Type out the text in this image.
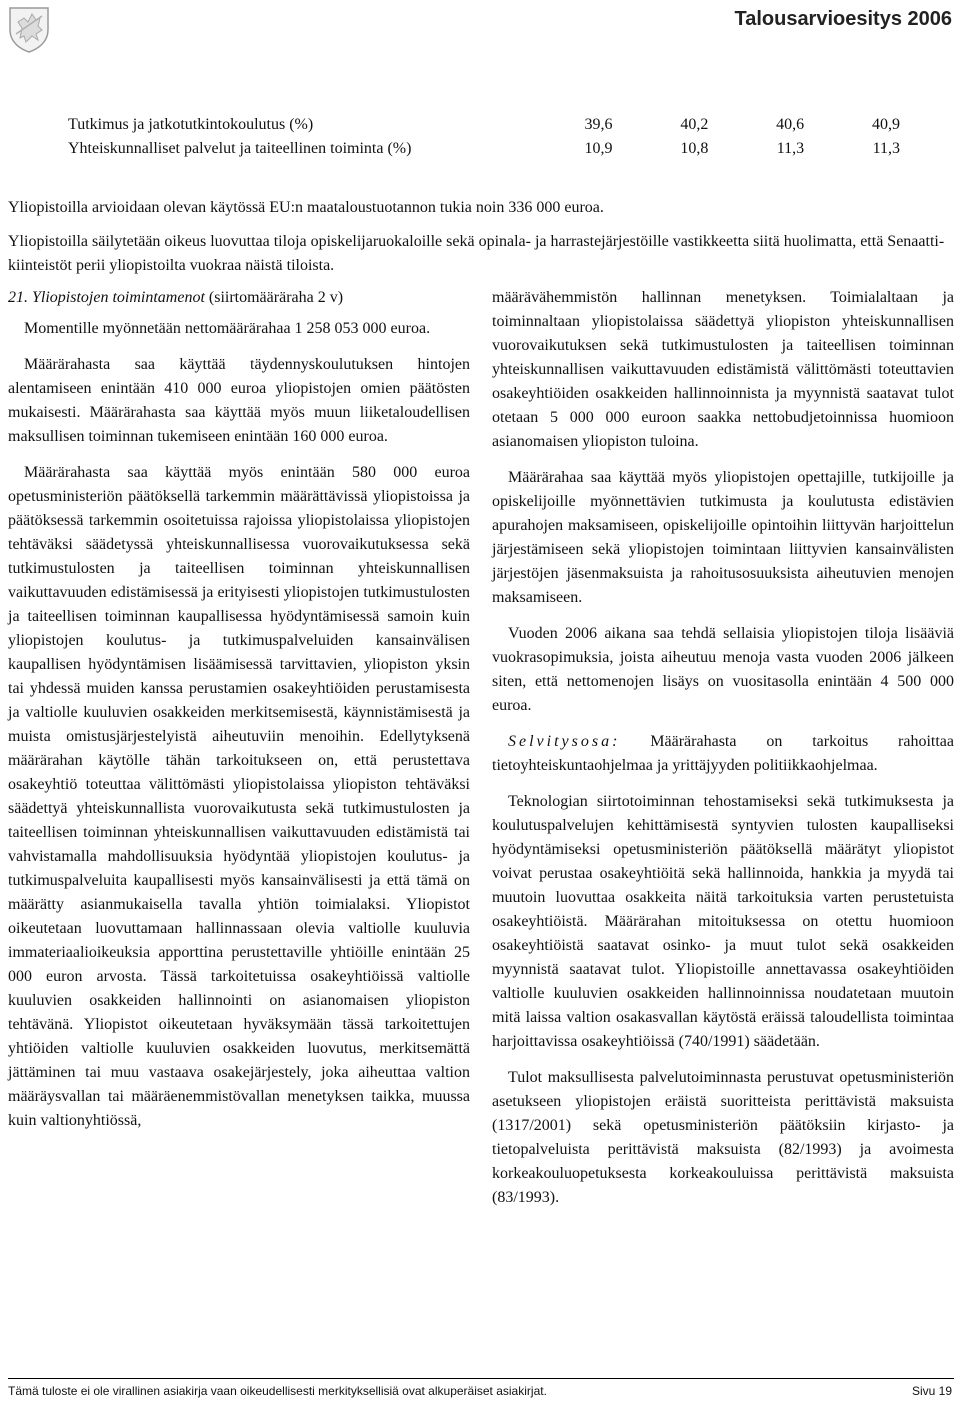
Talousarvioesitys 2006
Tutkimus ja jatkotutkintokoulutus (%)	39,6	40,2	40,6	40,9
Yhteiskunnalliset palvelut ja taiteellinen toiminta (%)	10,9	10,8	11,3	11,3

Yliopistoilla arvioidaan olevan käytössä EU:n maataloustuotannon tukia noin 336 000 euroa.

Yliopistoilla säilytetään oikeus luovuttaa tiloja opiskelijaruokaloille sekä opinala- ja harrastejärjestöille vastikkeetta siitä huolimatta, että Senaatti-kiinteistöt perii yliopistoilta vuokraa näistä tiloista.

21. Yliopistojen toimintamenot (siirtomääräraha 2 v)

Momentille myönnetään nettomäärärahaa 1 258 053 000 euroa.

Määrärahasta saa käyttää täydennyskoulutuksen hintojen alentamiseen enintään 410 000 euroa yliopistojen omien päätösten mukaisesti. Määrärahasta saa käyttää myös muun liiketaloudellisen maksullisen toiminnan tukemiseen enintään 160 000 euroa.

Määrärahasta saa käyttää myös enintään 580 000 euroa opetusministeriön päätöksellä tarkemmin määrättävissä yliopistoissa ja päätöksessä tarkemmin osoitetuissa rajoissa yliopistolaissa yliopistojen tehtäväksi säädetyssä yhteiskunnallisessa vuorovaikutuksessa sekä tutkimustulosten ja taiteellisen toiminnan yhteiskunnallisen vaikuttavuuden edistämisessä ja erityisesti yliopistojen tutkimustulosten ja taiteellisen toiminnan kaupallisessa hyödyntämisessä samoin kuin yliopistojen koulutus- ja tutkimuspalveluiden kansainvälisen kaupallisen hyödyntämisen lisäämisessä tarvittavien, yliopiston yksin tai yhdessä muiden kanssa perustamien osakeyhtiöiden perustamisesta ja valtiolle kuuluvien osakkeiden merkitsemisestä, käynnistämisestä ja muista omistusjärjestelyistä aiheutuviin menoihin. Edellytyksenä määrärahan käytölle tähän tarkoitukseen on, että perustettava osakeyhtiö toteuttaa välittömästi yliopistolaissa yliopiston tehtäväksi säädettyä yhteiskunnallista vuorovaikutusta sekä tutkimustulosten ja taiteellisen toiminnan yhteiskunnallisen vaikuttavuuden edistämistä tai vahvistamalla mahdollisuuksia hyödyntää yliopistojen koulutus- ja tutkimuspalveluita kaupallisesti myös kansainvälisesti ja että tämä on määrätty asianmukaisella tavalla yhtiön toimialaksi. Yliopistot oikeutetaan luovuttamaan hallinnassaan olevia valtiolle kuuluvia immateriaalioikeuksia apporttina perustettaville yhtiöille enintään 25 000 euron arvosta. Tässä tarkoitetuissa osakeyhtiöissä valtiolle kuuluvien osakkeiden hallinnointi on asianomaisen yliopiston tehtävänä. Yliopistot oikeutetaan hyväksymään tässä tarkoitettujen yhtiöiden valtiolle kuuluvien osakkeiden luovutus, merkitsemättä jättäminen tai muu vastaava osakejärjestely, joka aiheuttaa valtion määräysvallan tai määräenemmistövallan menetyksen taikka, muussa kuin valtionyhtiössä,

määrävähemmistön hallinnan menetyksen. Toimialaltaan ja toiminnaltaan yliopistolaissa säädettyä yliopiston yhteiskunnallisen vuorovaikutuksen sekä tutkimustulosten ja taiteellisen toiminnan yhteiskunnallisen vaikuttavuuden edistämistä välittömästi toteuttavien osakeyhtiöiden osakkeiden hallinnoinnista ja myynnistä saatavat tulot otetaan 5 000 000 euroon saakka nettobudjetoinnissa huomioon asianomaisen yliopiston tuloina.

Määrärahaa saa käyttää myös yliopistojen opettajille, tutkijoille ja opiskelijoille myönnettävien tutkimusta ja koulutusta edistävien apurahojen maksamiseen, opiskelijoille opintoihin liittyvän harjoittelun järjestämiseen sekä yliopistojen toimintaan liittyvien kansainvälisten järjestöjen jäsenmaksuista ja rahoitusosuuksista aiheutuvien menojen maksamiseen.

Vuoden 2006 aikana saa tehdä sellaisia yliopistojen tiloja lisääviä vuokrasopimuksia, joista aiheutuu menoja vasta vuoden 2006 jälkeen siten, että nettomenojen lisäys on vuositasolla enintään 4 500 000 euroa.

Selvitysosa: Määrärahasta on tarkoitus rahoittaa tietoyhteiskuntaohjelmaa ja yrittäjyyden politiikkaohjelmaa.

Teknologian siirtotoiminnan tehostamiseksi sekä tutkimuksesta ja koulutuspalvelujen kehittämisestä syntyvien tulosten kaupalliseksi hyödyntämiseksi opetusministeriön päätöksellä määrätyt yliopistot voivat perustaa osakeyhtiöitä sekä hallinnoida, hankkia ja myydä tai muutoin luovuttaa osakkeita näitä tarkoituksia varten perustetuista osakeyhtiöistä. Määrärahan mitoituksessa on otettu huomioon osakeyhtiöistä saatavat osinko- ja muut tulot sekä osakkeiden myynnistä saatavat tulot. Yliopistoille annettavassa osakeyhtiöiden valtiolle kuuluvien osakkeiden hallinnoinnissa noudatetaan muutoin mitä laissa valtion osakasvallan käytöstä eräissä taloudellista toimintaa harjoittavissa osakeyhtiöissä (740/1991) säädetään.

Tulot maksullisesta palvelutoiminnasta perustuvat opetusministeriön asetukseen yliopistojen eräistä suoritteista perittävistä maksuista (1317/2001) sekä opetusministeriön päätöksiin kirjasto- ja tietopalveluista perittävistä maksuista (82/1993) ja avoimesta korkeakouluopetuksesta korkeakouluissa perittävistä maksuista (83/1993).

Tämä tuloste ei ole virallinen asiakirja vaan oikeudellisesti merkityksellisiä ovat alkuperäiset asiakirjat.	Sivu 19
